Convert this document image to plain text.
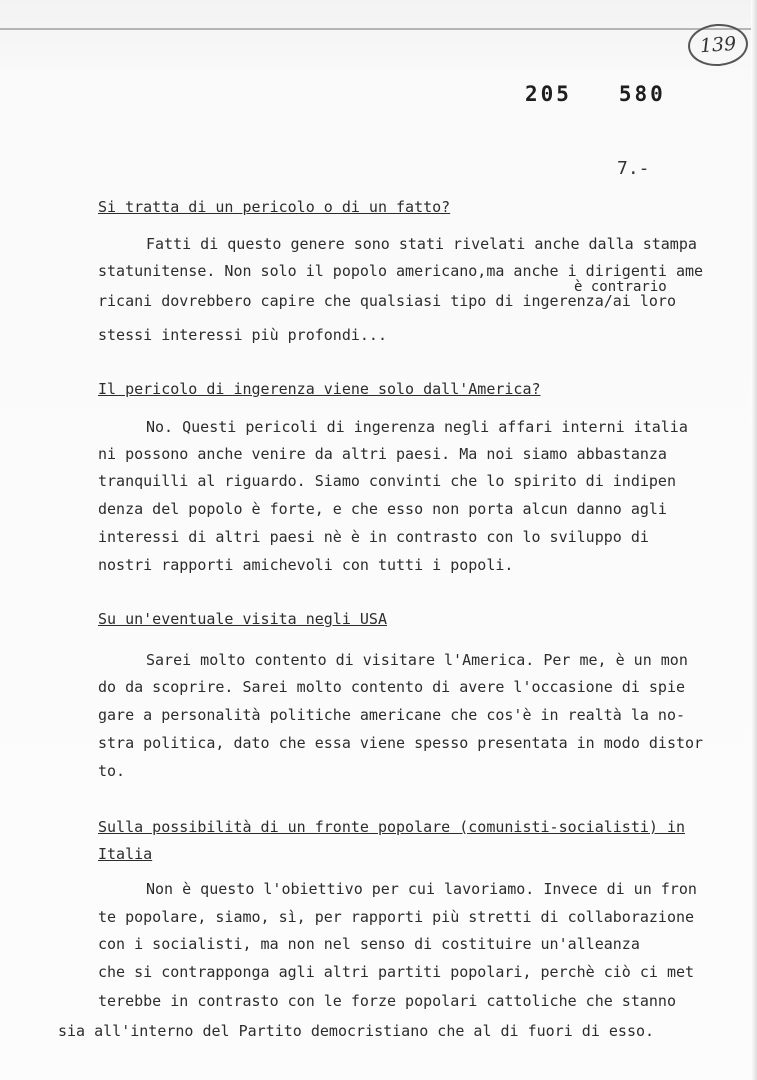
139
205   580
7.-
Si tratta di un pericolo o di un fatto?
Fatti di questo genere sono stati rivelati anche dalla stampa
statunitense. Non solo il popolo americano,ma anche i dirigenti ame
è contrario
ricani dovrebbero capire che qualsiasi tipo di ingerenza/ai loro
stessi interessi più profondi...
Il pericolo di ingerenza viene solo dall'America?
No. Questi pericoli di ingerenza negli affari interni italia
ni possono anche venire da altri paesi. Ma noi siamo abbastanza
tranquilli al riguardo. Siamo convinti che lo spirito di indipen
denza del popolo è forte, e che esso non porta alcun danno agli
interessi di altri paesi nè è in contrasto con lo sviluppo di
nostri rapporti amichevoli con tutti i popoli.
Su un'eventuale visita negli USA
Sarei molto contento di visitare l'America. Per me, è un mon
do da scoprire. Sarei molto contento di avere l'occasione di spie
gare a personalità politiche americane che cos'è in realtà la no-
stra politica, dato che essa viene spesso presentata in modo distor
to.
Sulla possibilità di un fronte popolare (comunisti-socialisti) in
Italia
Non è questo l'obiettivo per cui lavoriamo. Invece di un fron
te popolare, siamo, sì, per rapporti più stretti di collaborazione
con i socialisti, ma non nel senso di costituire un'alleanza
che si contrapponga agli altri partiti popolari, perchè ciò ci met
terebbe in contrasto con le forze popolari cattoliche che stanno
sia all'interno del Partito democristiano che al di fuori di esso.
